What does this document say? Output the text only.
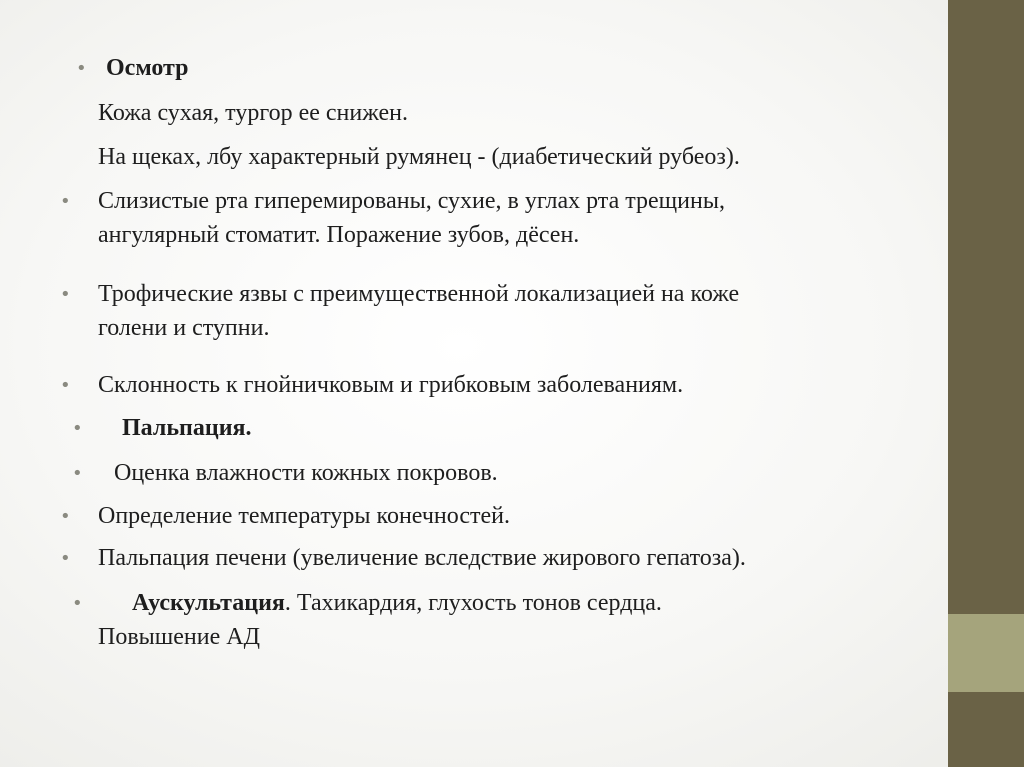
• Осмотр
Кожа сухая, тургор ее снижен.
На щеках, лбу характерный румянец - (диабетический рубеоз).
• Слизистые рта гиперемированы, сухие, в углах рта трещины,
ангулярный стоматит. Поражение зубов, дёсен.
• Трофические язвы с преимущественной локализацией на коже
голени и ступни.
• Склонность к гнойничковым и грибковым заболеваниям.
• Пальпация.
• Оценка влажности кожных покровов.
• Определение температуры конечностей.
• Пальпация печени (увеличение вследствие жирового гепатоза).
• Аускультация. Тахикардия, глухость тонов сердца.
Повышение АД
